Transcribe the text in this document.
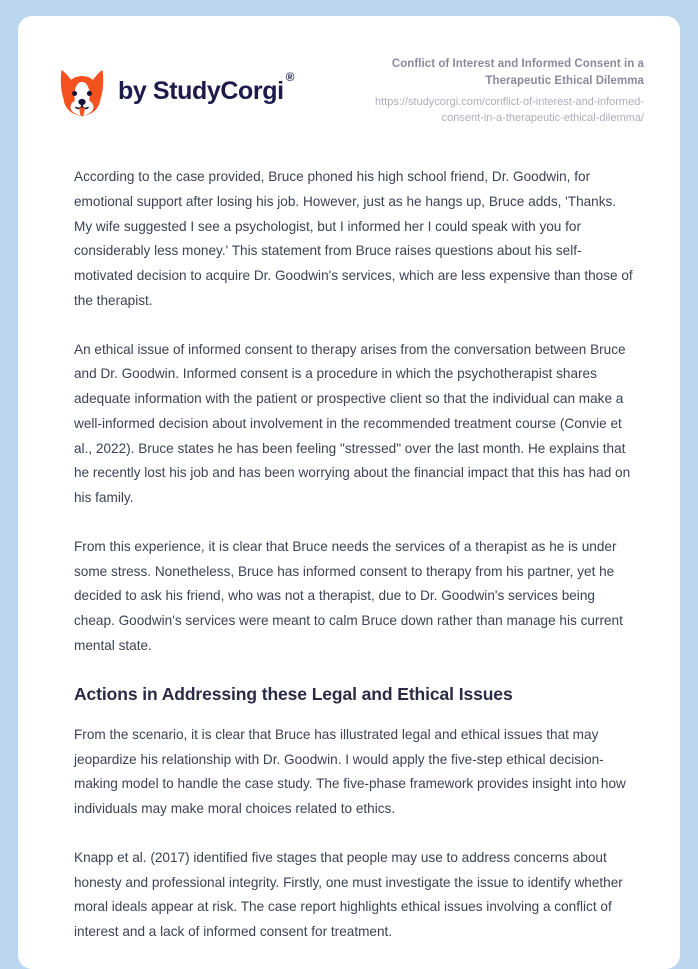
by StudyCorgi ®
Conflict of Interest and Informed Consent in a Therapeutic Ethical Dilemma
https://studycorgi.com/conflict-of-interest-and-informed-consent-in-a-therapeutic-ethical-dilemma/

According to the case provided, Bruce phoned his high school friend, Dr. Goodwin, for emotional support after losing his job. However, just as he hangs up, Bruce adds, 'Thanks. My wife suggested I see a psychologist, but I informed her I could speak with you for considerably less money.' This statement from Bruce raises questions about his self-motivated decision to acquire Dr. Goodwin's services, which are less expensive than those of the therapist.

An ethical issue of informed consent to therapy arises from the conversation between Bruce and Dr. Goodwin. Informed consent is a procedure in which the psychotherapist shares adequate information with the patient or prospective client so that the individual can make a well-informed decision about involvement in the recommended treatment course (Convie et al., 2022). Bruce states he has been feeling "stressed" over the last month. He explains that he recently lost his job and has been worrying about the financial impact that this has had on his family.

From this experience, it is clear that Bruce needs the services of a therapist as he is under some stress. Nonetheless, Bruce has informed consent to therapy from his partner, yet he decided to ask his friend, who was not a therapist, due to Dr. Goodwin's services being cheap. Goodwin's services were meant to calm Bruce down rather than manage his current mental state.

Actions in Addressing these Legal and Ethical Issues

From the scenario, it is clear that Bruce has illustrated legal and ethical issues that may jeopardize his relationship with Dr. Goodwin. I would apply the five-step ethical decision-making model to handle the case study. The five-phase framework provides insight into how individuals may make moral choices related to ethics.

Knapp et al. (2017) identified five stages that people may use to address concerns about honesty and professional integrity. Firstly, one must investigate the issue to identify whether moral ideals appear at risk. The case report highlights ethical issues involving a conflict of interest and a lack of informed consent for treatment.
